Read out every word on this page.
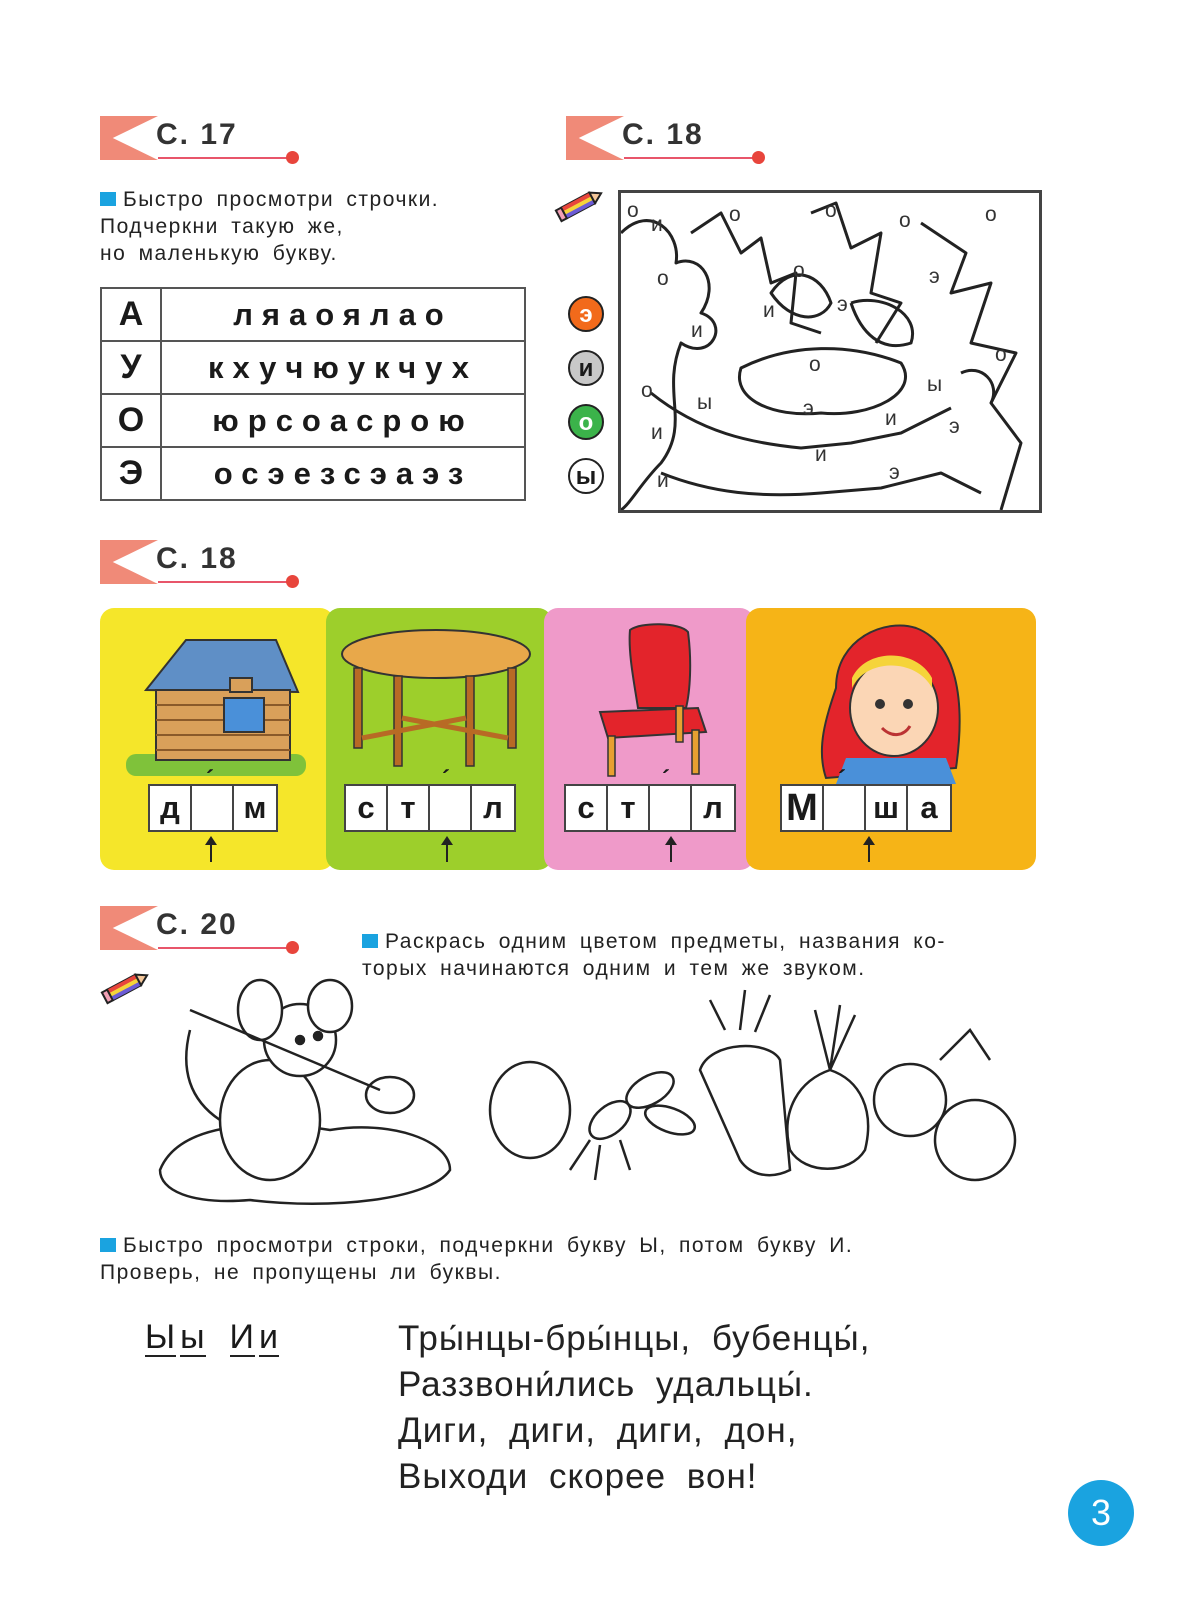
С. 17
Быстро просмотри строчки.
Подчеркни такую же,
но маленькую букву.
А	ляаоялао
У	кхучюукчух
О	юрсоасрою
Э	осэезсэаэз
С. 18
э
и
о
ы
о
и	о	о	о	о
о	о	э
и	э
и
о	о
о
ы
ы
э	и
и	э
и
и	э
С. 18
д	м
´
с т	л
´
с т	л
´
М ш а
´
С. 20
Раскрась одним цветом предметы, названия ко-
торых начинаются одним и тем же звуком.
Быстро просмотри строки, подчеркни букву Ы, потом букву И.
Проверь, не пропущены ли буквы.
Ы ы И и	Тры́нцы-бры́нцы, бубенцы́,
Раззвони́лись удальцы́.
Диги, диги, диги, дон,
Выходи скорее вон!
3
